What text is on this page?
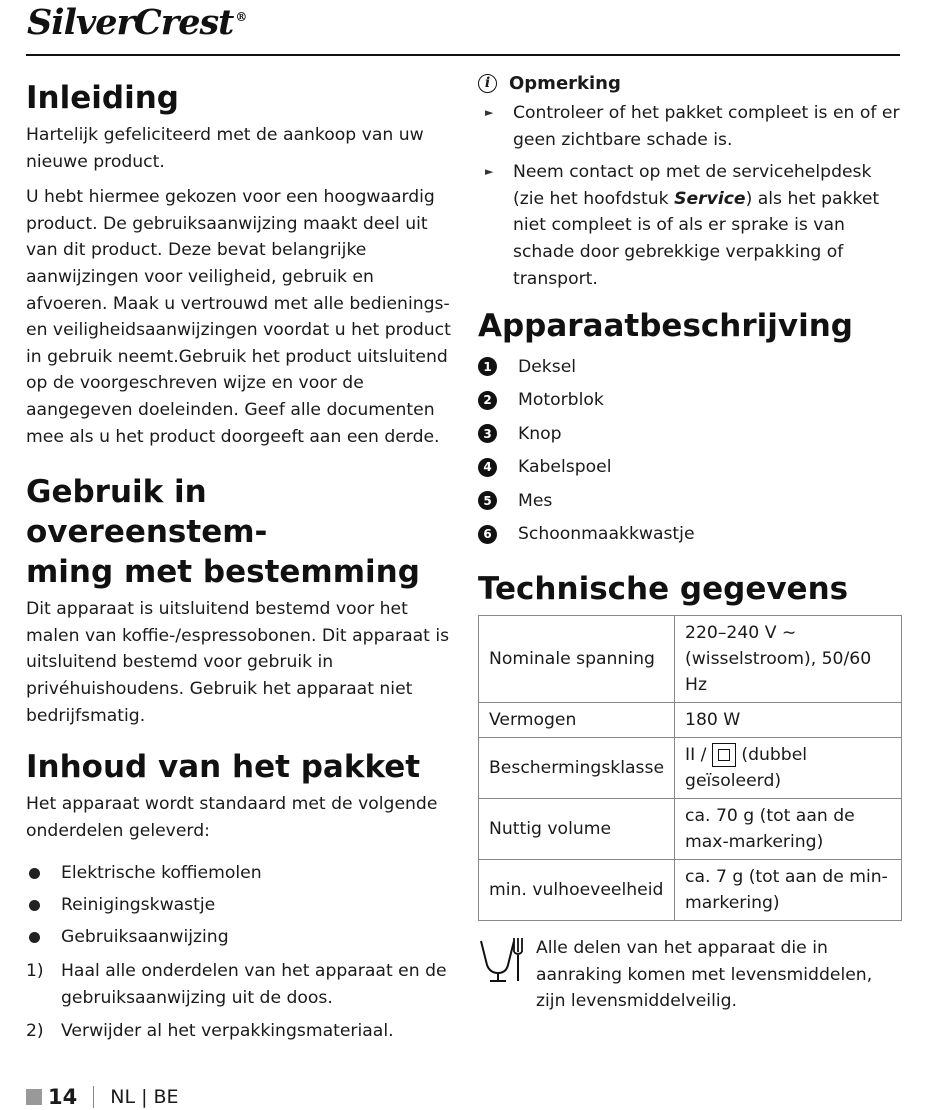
SilverCrest ®
Inleiding

Hartelijk gefeliciteerd met de aankoop van uw nieuwe product.

U hebt hiermee gekozen voor een hoogwaardig product. De gebruiksaanwijzing maakt deel uit van dit product. Deze bevat belangrijke aanwijzingen voor veiligheid, gebruik en afvoeren. Maak u vertrouwd met alle bedienings- en veiligheidsaanwijzingen voordat u het product in gebruik neemt.Gebruik het product uitsluitend op de voorgeschreven wijze en voor de aangegeven doeleinden. Geef alle documenten mee als u het product doorgeeft aan een derde.

Gebruik in overeenstem-
ming met bestemming

Dit apparaat is uitsluitend bestemd voor het malen van koffie-/espressobonen. Dit apparaat is uitsluitend bestemd voor gebruik in privéhuishoudens. Gebruik het apparaat niet bedrijfsmatig.

Inhoud van het pakket

Het apparaat wordt standaard met de volgende onderdelen geleverd:

Elektrische koffiemolen
Reinigingskwastje
Gebruiksaanwijzing
1) Haal alle onderdelen van het apparaat en de gebruiksaanwijzing uit de doos.
2) Verwijder al het verpakkingsmateriaal.
i	Opmerking
► Controleer of het pakket compleet is en of er geen zichtbare schade is.
► Neem contact op met de servicehelpdesk (zie het hoofdstuk Service) als het pakket niet compleet is of als er sprake is van schade door gebrekkige verpakking of transport.
Apparaatbeschrijving
1	Deksel
2	Motorblok
3	Knop
4	Kabelspoel
5	Mes
6	Schoonmaakkwastje
Technische gegevens
Nominale spanning	220–240 V ∼ (wisselstroom), 50/60 Hz
Vermogen	180 W
Beschermingsklasse	II / (dubbel geïsoleerd)
Nuttig volume	ca. 70 g (tot aan de max-markering)
min. vulhoeveelheid	ca. 7 g (tot aan de min-markering)

Alle delen van het apparaat die in aanraking komen met levensmiddelen, zijn levensmiddelveilig.

14 NL | BE
